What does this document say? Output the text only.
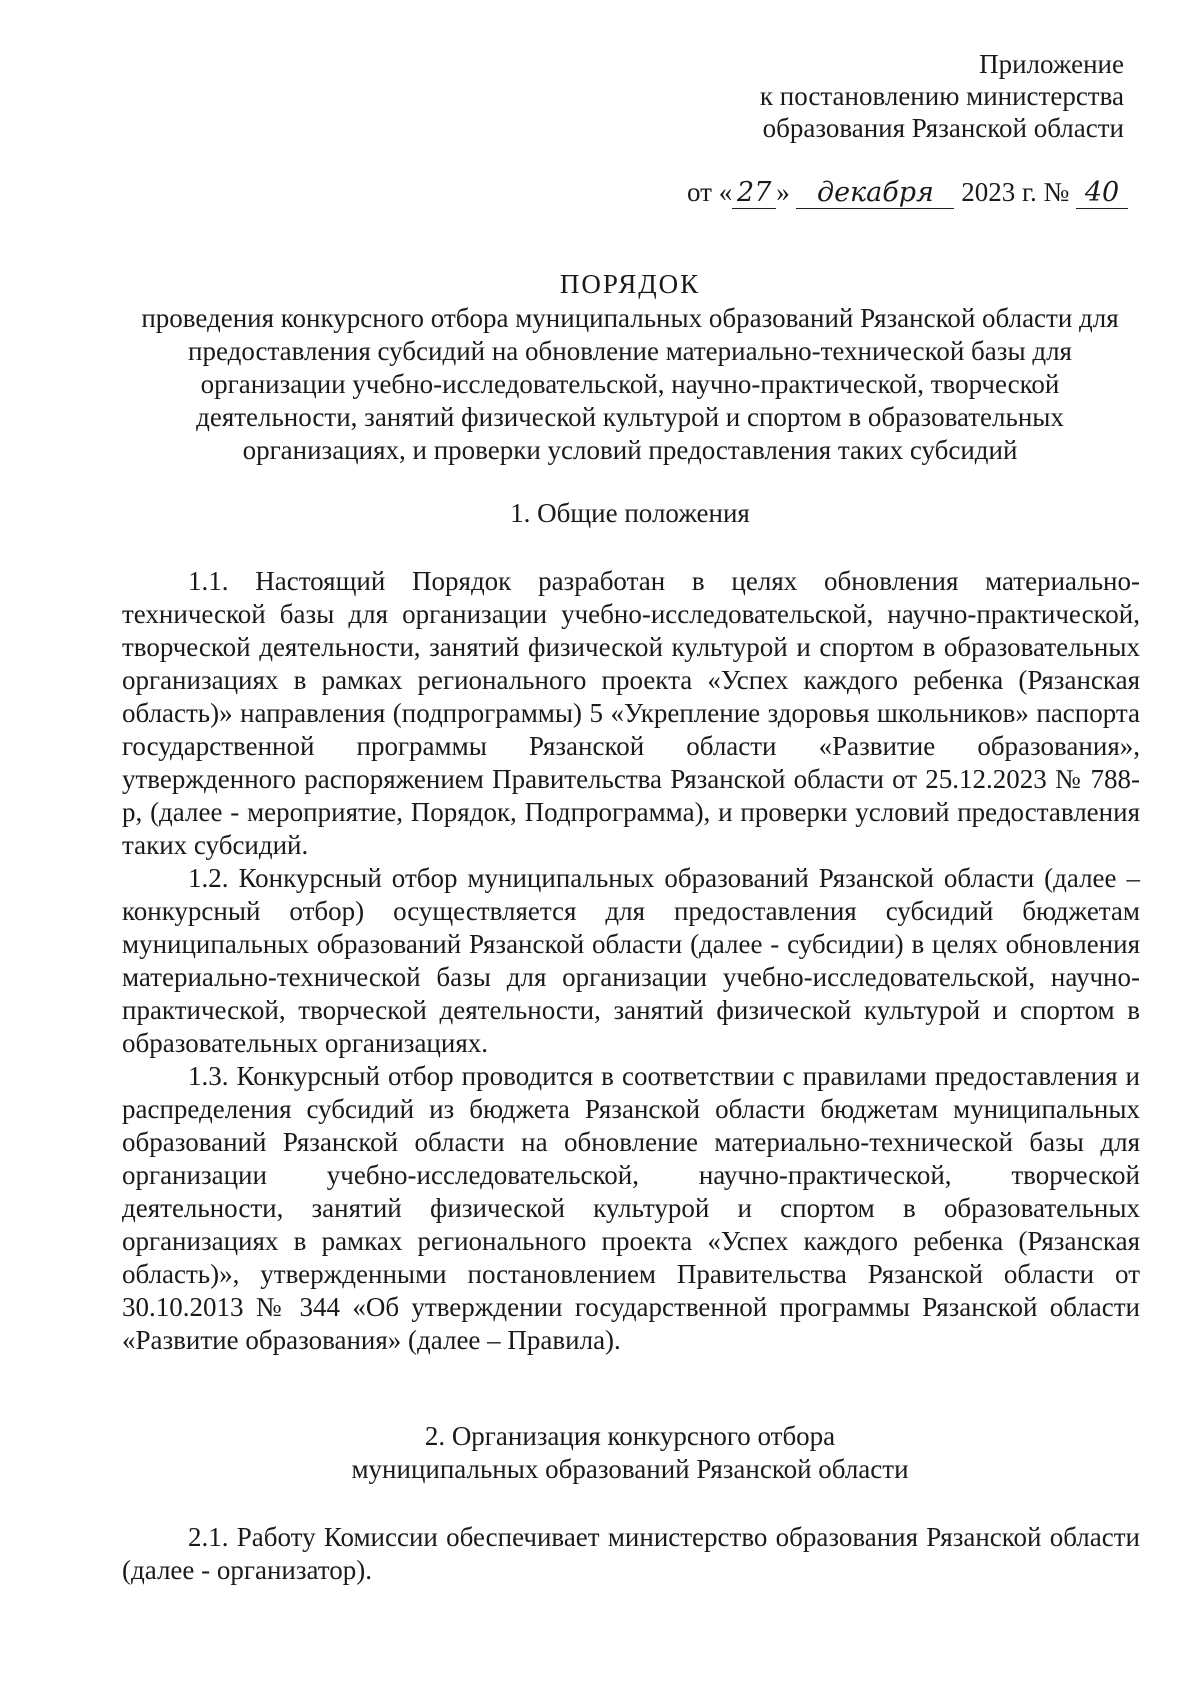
Приложение
к постановлению министерства
образования Рязанской области
от « 27 » декабря 2023 г. № 40
ПОРЯДОК
проведения конкурсного отбора муниципальных образований Рязанской области для предоставления субсидий на обновление материально-технической базы для организации учебно-исследовательской, научно-практической, творческой деятельности, занятий физической культурой и спортом в образовательных организациях, и проверки условий предоставления таких субсидий
1. Общие положения

1.1. Настоящий Порядок разработан в целях обновления материально-технической базы для организации учебно-исследовательской, научно-практической, творческой деятельности, занятий физической культурой и спортом в образовательных организациях в рамках регионального проекта «Успех каждого ребенка (Рязанская область)» направления (подпрограммы) 5 «Укрепление здоровья школьников» паспорта государственной программы Рязанской области «Развитие образования», утвержденного распоряжением Правительства Рязанской области от 25.12.2023 № 788-р, (далее - мероприятие, Порядок, Подпрограмма), и проверки условий предоставления таких субсидий.

1.2. Конкурсный отбор муниципальных образований Рязанской области (далее – конкурсный отбор) осуществляется для предоставления субсидий бюджетам муниципальных образований Рязанской области (далее - субсидии) в целях обновления материально-технической базы для организации учебно-исследовательской, научно-практической, творческой деятельности, занятий физической культурой и спортом в образовательных организациях.

1.3. Конкурсный отбор проводится в соответствии с правилами предоставления и распределения субсидий из бюджета Рязанской области бюджетам муниципальных образований Рязанской области на обновление материально-технической базы для организации учебно-исследовательской, научно-практической, творческой деятельности, занятий физической культурой и спортом в образовательных организациях в рамках регионального проекта «Успех каждого ребенка (Рязанская область)», утвержденными постановлением Правительства Рязанской области от 30.10.2013 № 344 «Об утверждении государственной программы Рязанской области «Развитие образования» (далее – Правила).

2. Организация конкурсного отбора
муниципальных образований Рязанской области

2.1. Работу Комиссии обеспечивает министерство образования Рязанской области (далее - организатор).
